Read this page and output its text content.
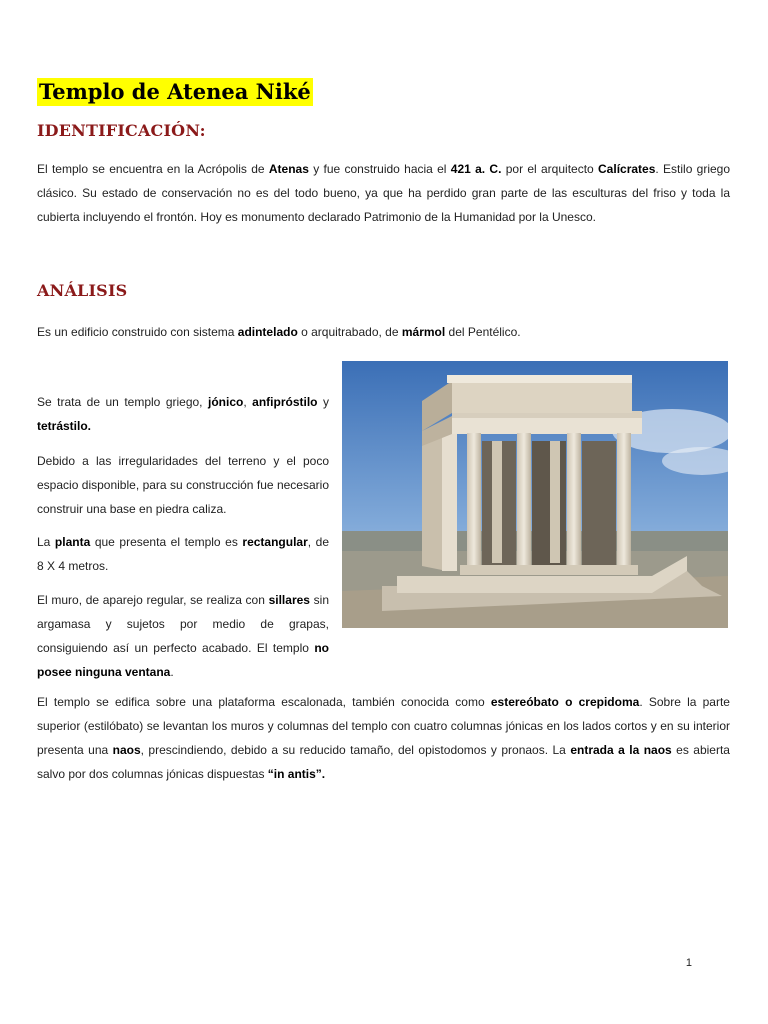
Templo de Atenea Niké
IDENTIFICACIÓN:

El templo se encuentra en la Acrópolis de Atenas y fue construido hacia el 421 a. C. por el arquitecto Calícrates. Estilo griego clásico. Su estado de conservación no es del todo bueno, ya que ha perdido gran parte de las esculturas del friso y toda la cubierta incluyendo el frontón. Hoy es monumento declarado Patrimonio de la Humanidad por la Unesco.

ANÁLISIS

Es un edificio construido con sistema adintelado o arquitrabado, de mármol del Pentélico.

Se trata de un templo griego, jónico, anfipróstilo y tetrástilo.

Debido a las irregularidades del terreno y el poco espacio disponible, para su construcción fue necesario construir una base en piedra caliza.

La planta que presenta el templo es rectangular, de 8 X 4 metros.

El muro, de aparejo regular, se realiza con sillares sin argamasa y sujetos por medio de grapas, consiguiendo así un perfecto acabado. El templo no posee ninguna ventana.

El templo se edifica sobre una plataforma escalonada, también conocida como estereóbato o crepidoma. Sobre la parte superior (estilóbato) se levantan los muros y columnas del templo con cuatro columnas jónicas en los lados cortos y en su interior presenta una naos, prescindiendo, debido a su reducido tamaño, del opistodomos y pronaos. La entrada a la naos es abierta salvo por dos columnas jónicas dispuestas “in antis”.

1
